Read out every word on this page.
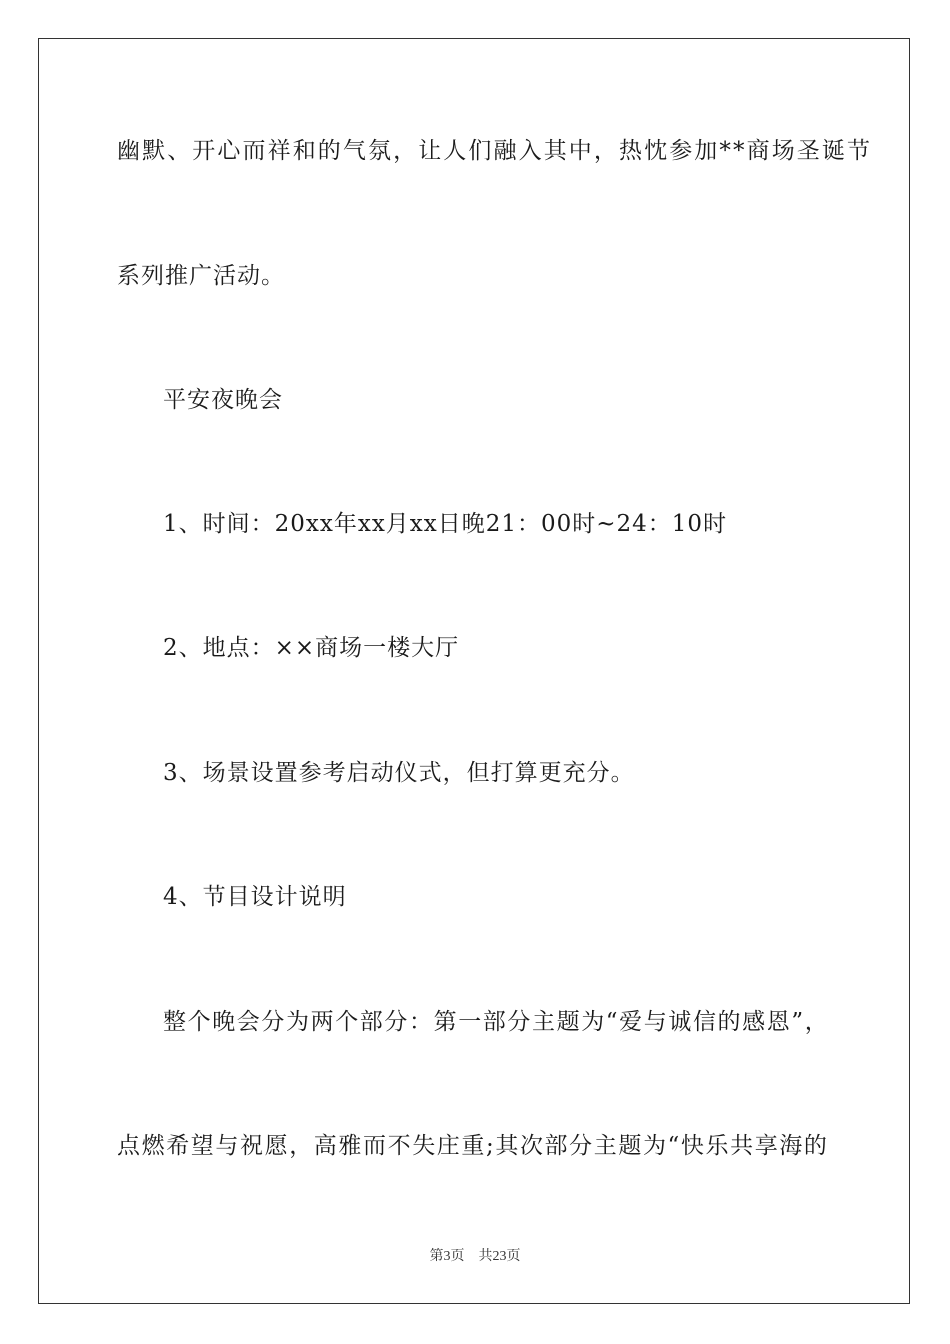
幽默、开心而祥和的气氛，让人们融入其中，热忱参加**商场圣诞节
系列推广活动。
平安夜晚会
1、时间：20xx年xx月xx日晚21：00时~24：10时
2、地点：××商场一楼大厅
3、场景设置参考启动仪式，但打算更充分。
4、节目设计说明
整个晚会分为两个部分：第一部分主题为“爱与诚信的感恩”，
点燃希望与祝愿，高雅而不失庄重;其次部分主题为“快乐共享海的
第3页 共23页
